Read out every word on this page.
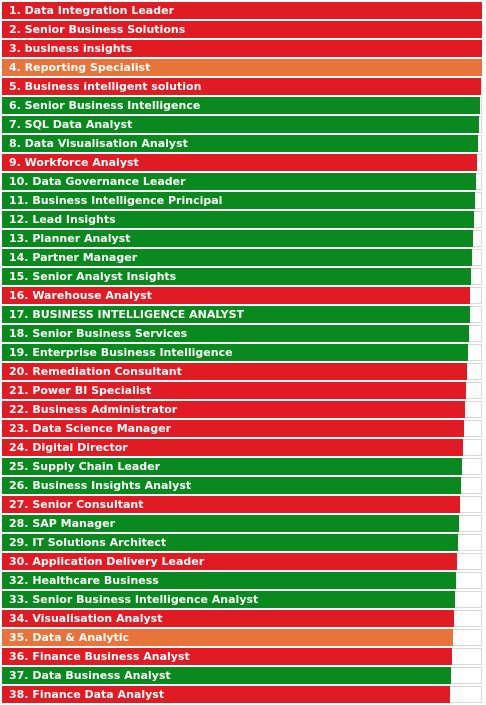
1. Data Integration Leader
2. Senior Business Solutions
3. business insights
4. Reporting Specialist
5. Business intelligent solution
6. Senior Business Intelligence
7. SQL Data Analyst
8. Data Visualisation Analyst
9. Workforce Analyst
10. Data Governance Leader
11. Business Intelligence Principal
12. Lead Insights
13. Planner Analyst
14. Partner Manager
15. Senior Analyst Insights
16. Warehouse Analyst
17. BUSINESS INTELLIGENCE ANALYST
18. Senior Business Services
19. Enterprise Business Intelligence
20. Remediation Consultant
21. Power BI Specialist
22. Business Administrator
23. Data Science Manager
24. Digital Director
25. Supply Chain Leader
26. Business Insights Analyst
27. Senior Consultant
28. SAP Manager
29. IT Solutions Architect
30. Application Delivery Leader
32. Healthcare Business
33. Senior Business Intelligence Analyst
34. Visualisation Analyst
35. Data & Analytic
36. Finance Business Analyst
37. Data Business Analyst
38. Finance Data Analyst
